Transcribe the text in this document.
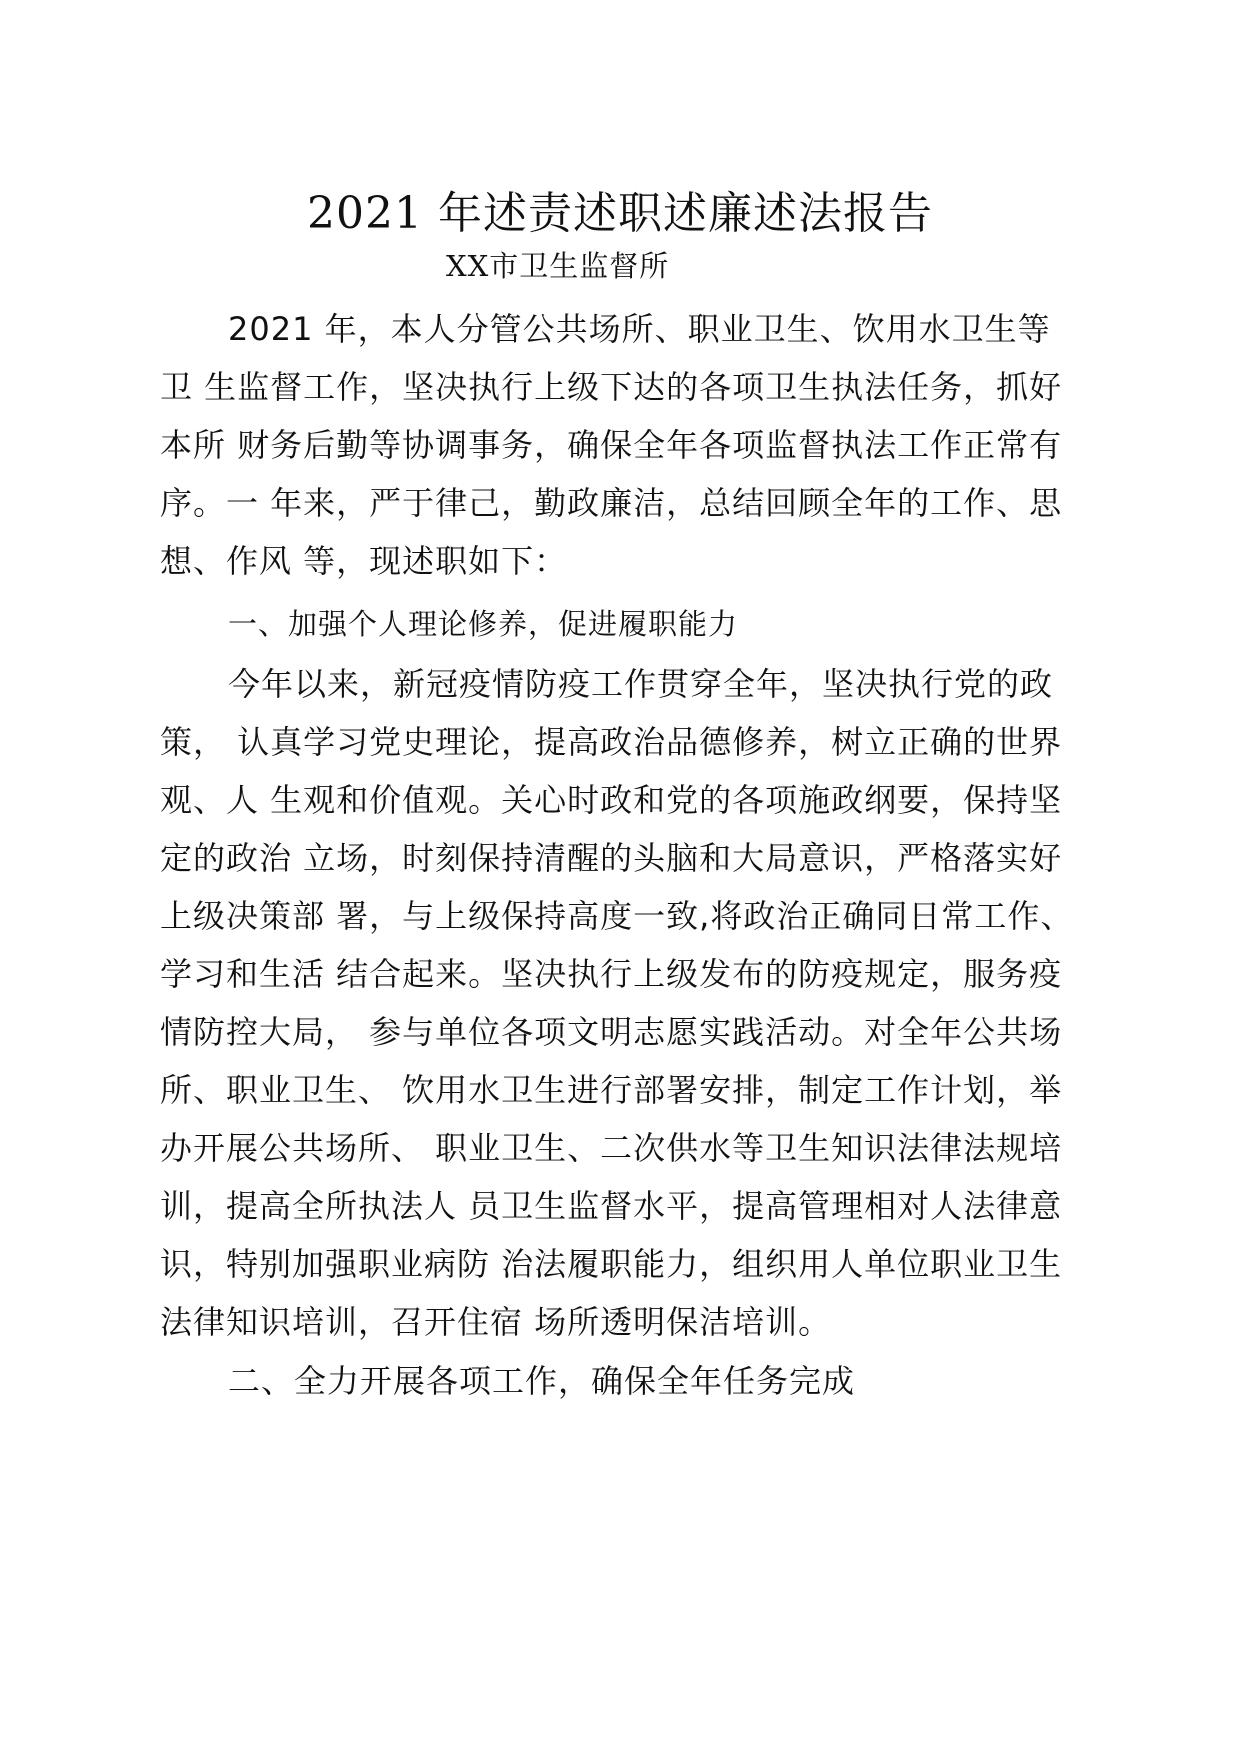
2021 年述责述职述廉述法报告
XX市卫生监督所
2021 年，本人分管公共场所、职业卫生、饮用水卫生等
卫 生监督工作，坚决执行上级下达的各项卫生执法任务，抓好
本所 财务后勤等协调事务，确保全年各项监督执法工作正常有
序。一 年来，严于律己，勤政廉洁，总结回顾全年的工作、思
想、作风 等，现述职如下：
一、加强个人理论修养，促进履职能力
今年以来，新冠疫情防疫工作贯穿全年，坚决执行党的政
策， 认真学习党史理论，提高政治品德修养，树立正确的世界
观、人 生观和价值观。关心时政和党的各项施政纲要，保持坚
定的政治 立场，时刻保持清醒的头脑和大局意识，严格落实好
上级决策部 署，与上级保持高度一致,将政治正确同日常工作、
学习和生活 结合起来。坚决执行上级发布的防疫规定，服务疫
情防控大局， 参与单位各项文明志愿实践活动。对全年公共场
所、职业卫生、 饮用水卫生进行部署安排，制定工作计划，举
办开展公共场所、 职业卫生、二次供水等卫生知识法律法规培
训，提高全所执法人 员卫生监督水平，提高管理相对人法律意
识，特别加强职业病防 治法履职能力，组织用人单位职业卫生
法律知识培训，召开住宿 场所透明保洁培训。
二、全力开展各项工作，确保全年任务完成
